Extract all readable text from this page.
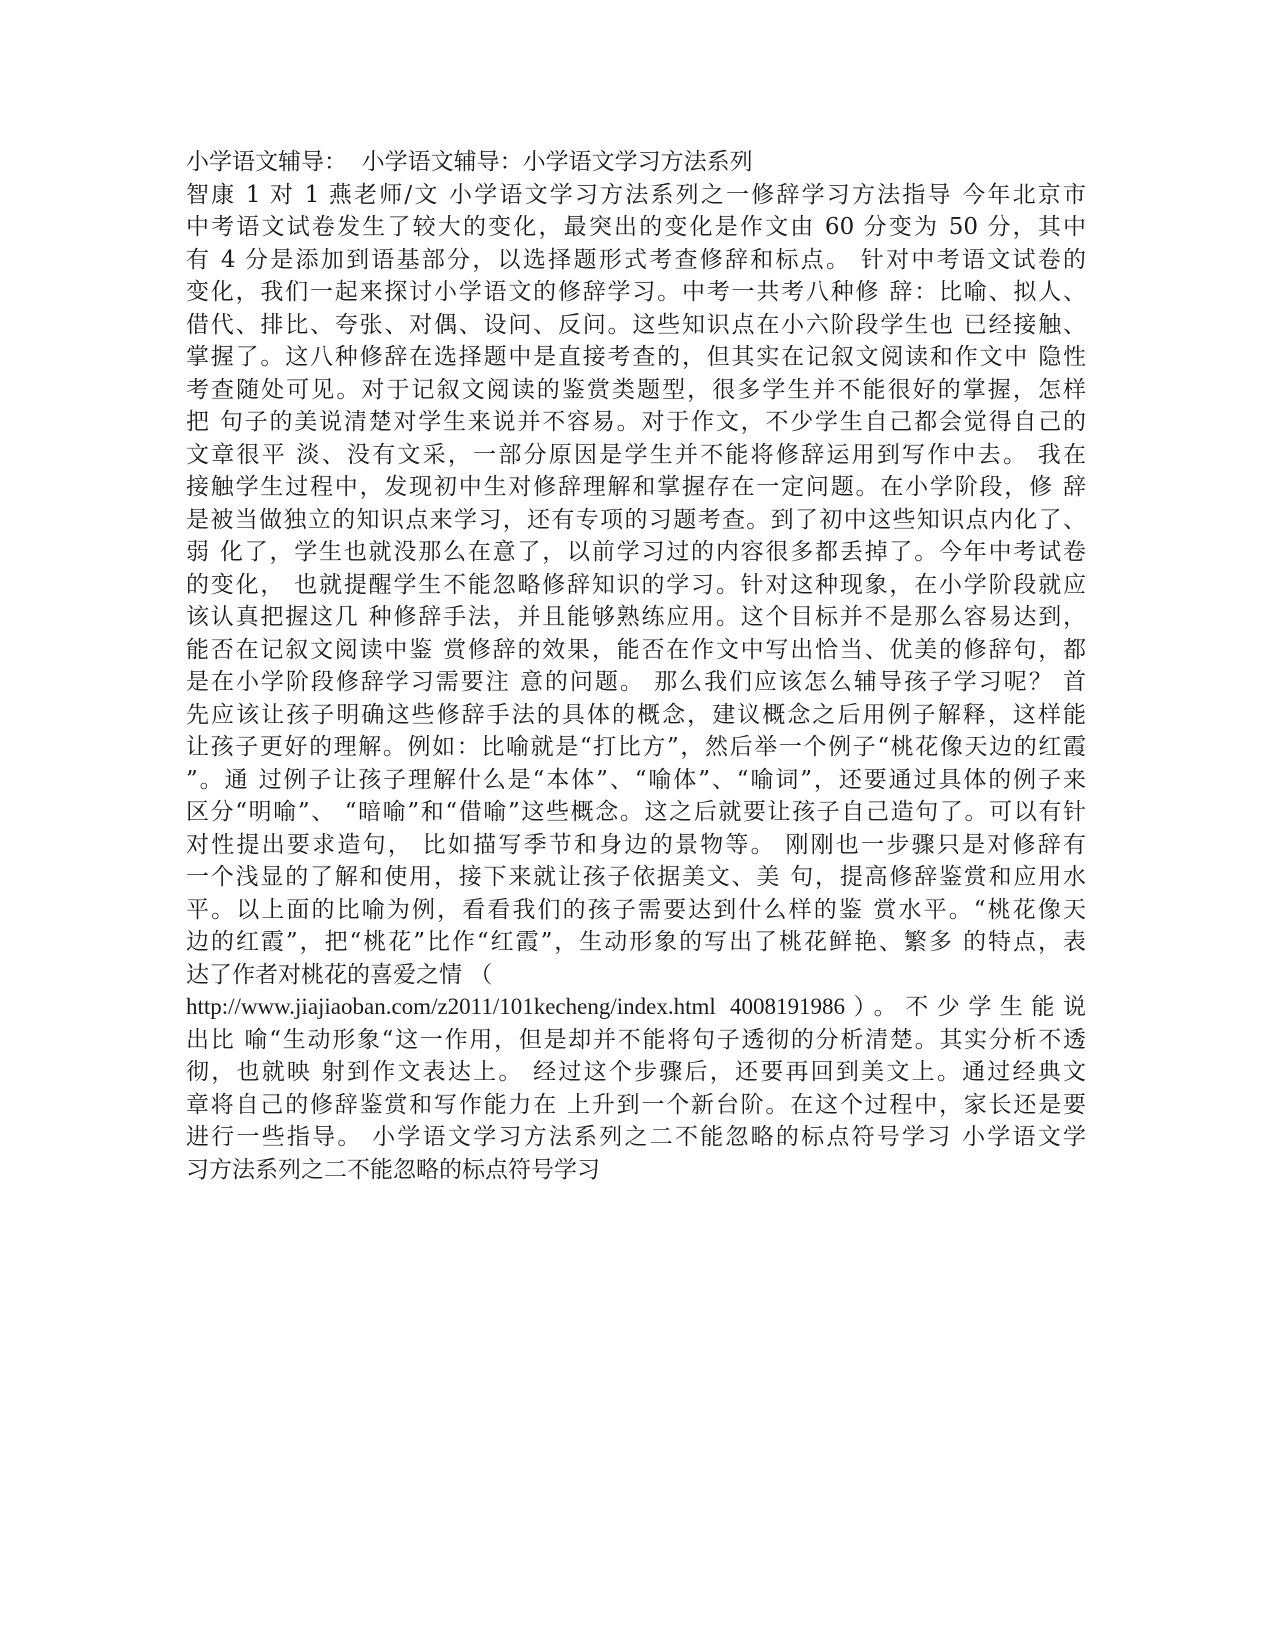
小学语文辅导：  小学语文辅导：小学语文学习方法系列
智康 1 对 1 燕老师/文 小学语文学习方法系列之一修辞学习方法指导 今年北京市
中考语文试卷发生了较大的变化，最突出的变化是作文由 60 分变为 50 分，其中
有 4 分是添加到语基部分，以选择题形式考查修辞和标点。 针对中考语文试卷的
变化，我们一起来探讨小学语文的修辞学习。中考一共考八种修 辞：比喻、拟人、
借代、排比、夸张、对偶、设问、反问。这些知识点在小六阶段学生也 已经接触、
掌握了。这八种修辞在选择题中是直接考查的，但其实在记叙文阅读和作文中 隐性
考查随处可见。对于记叙文阅读的鉴赏类题型，很多学生并不能很好的掌握，怎样
把 句子的美说清楚对学生来说并不容易。对于作文，不少学生自己都会觉得自己的
文章很平 淡、没有文采，一部分原因是学生并不能将修辞运用到写作中去。 我在
接触学生过程中，发现初中生对修辞理解和掌握存在一定问题。在小学阶段，修 辞
是被当做独立的知识点来学习，还有专项的习题考查。到了初中这些知识点内化了、
弱 化了，学生也就没那么在意了，以前学习过的内容很多都丢掉了。今年中考试卷
的变化， 也就提醒学生不能忽略修辞知识的学习。针对这种现象，在小学阶段就应
该认真把握这几 种修辞手法，并且能够熟练应用。这个目标并不是那么容易达到，
能否在记叙文阅读中鉴 赏修辞的效果，能否在作文中写出恰当、优美的修辞句，都
是在小学阶段修辞学习需要注 意的问题。 那么我们应该怎么辅导孩子学习呢？ 首
先应该让孩子明确这些修辞手法的具体的概念，建议概念之后用例子解释，这样能
让孩子更好的理解。例如：比喻就是“打比方”，然后举一个例子“桃花像天边的红霞
”。通 过例子让孩子理解什么是“本体”、“喻体”、“喻词”，还要通过具体的例子来
区分“明喻”、 “暗喻”和“借喻”这些概念。这之后就要让孩子自己造句了。可以有针
对性提出要求造句， 比如描写季节和身边的景物等。 刚刚也一步骤只是对修辞有
一个浅显的了解和使用，接下来就让孩子依据美文、美 句，提高修辞鉴赏和应用水
平。以上面的比喻为例，看看我们的孩子需要达到什么样的鉴 赏水平。“桃花像天
边的红霞”，把“桃花”比作“红霞”，生动形象的写出了桃花鲜艳、繁多 的特点，表
达了作者对桃花的喜爱之情 （
http://www.jiajiaoban.com/z2011/101kecheng/index.html 4008191986）。不少学生能说
出比 喻“生动形象“这一作用，但是却并不能将句子透彻的分析清楚。其实分析不透
彻，也就映 射到作文表达上。 经过这个步骤后，还要再回到美文上。通过经典文
章将自己的修辞鉴赏和写作能力在 上升到一个新台阶。在这个过程中，家长还是要
进行一些指导。 小学语文学习方法系列之二不能忽略的标点符号学习 小学语文学
习方法系列之二不能忽略的标点符号学习
